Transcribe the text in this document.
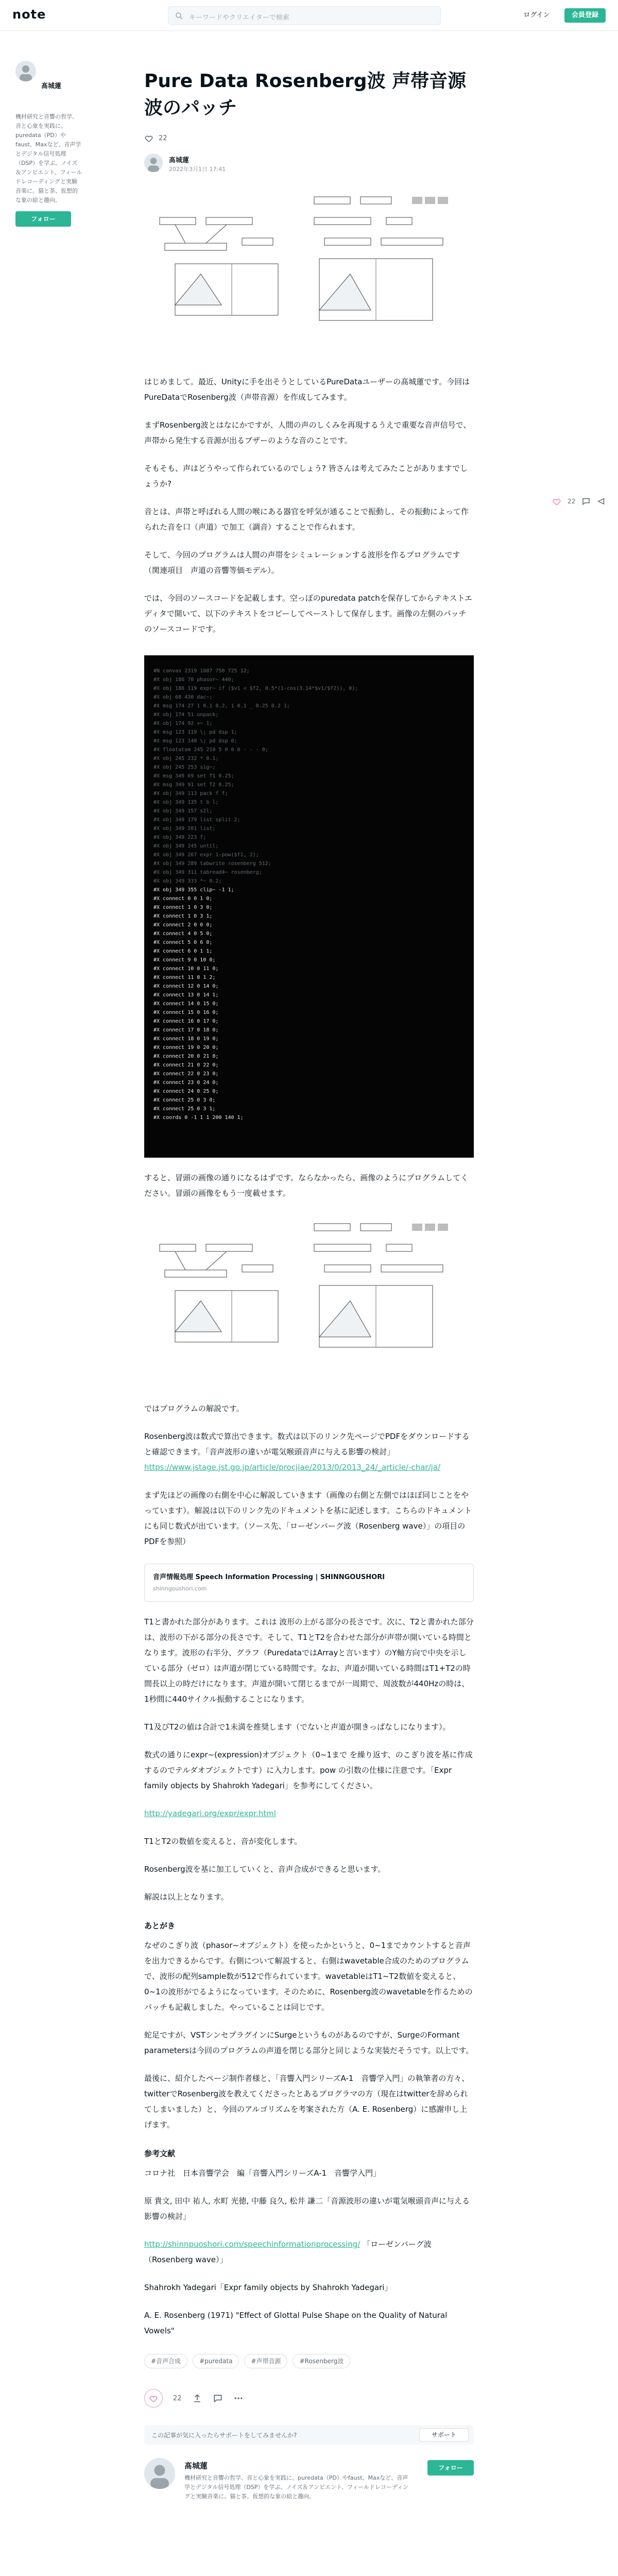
note	キーワードやクリエイターで検索	ログイン	会員登録
髙城蓮
機材研究と音響の哲学、音と心象を実践に。puredata（PD）やfaust、Maxなど、音声学とデジタル信号処理（DSP）を学ぶ。ノイズ＆アンビエント、フィールドレコーディングと実験音楽に。猫と茶、仮想的な象の絵と趣向。
フォロー
22
Pure Data Rosenberg波 声帯音源波のパッチ
22
髙城蓮
2022年3月1日 17:41
はじめまして。最近、Unityに手を出そうとしているPureDataユーザーの髙城蓮です。今回はPureDataでRosenberg波（声帯音源）を作成してみます。
まずRosenberg波とはなにかですが、人間の声のしくみを再現するうえで重要な音声信号で、声帯から発生する音源が出るブザーのような音のことです。
そもそも、声はどうやって作られているのでしょう? 皆さんは考えてみたことがありますでしょうか?
音とは、声帯と呼ばれる人間の喉にある器官を呼気が通ることで振動し、その振動によって作られた音を口（声道）で加工（調音）することで作られます。
そして、今回のプログラムは人間の声帯をシミュレーションする波形を作るプログラムです（関連項目　声道の音響等価モデル）。
では、今回のソースコードを記載します。空っぽのpuredata patchを保存してからテキストエディタで開いて、以下のテキストをコピーしてペーストして保存します。画像の左側のパッチのソースコードです。
#N canvas 2319 1087 750 725 12;
#X obj 186 70 phasor~ 440;
#X obj 186 119 expr~ if ($v1 < $f2, 0.5*(1-cos(3.14*$v1/$f2)), 0);
#X obj 68 430 dac~;
#X msg 174 27 1 0.1 0.2, 1 0.1 _ 0.25 0.2 1;
#X obj 174 51 unpack;
#X obj 174 92 +~ 1;
#X msg 123 119 \; pd dsp 1;
#X msg 123 140 \; pd dsp 0;
#X floatatom 245 210 5 0 0 0 - - - 0;
#X obj 245 232 * 0.1;
#X obj 245 253 sig~;
#X msg 349 69 set T1 0.25;
#X msg 349 91 set T2 0.25;
#X obj 349 113 pack f f;
#X obj 349 135 t b l;
#X obj 349 157 s2l;
#X obj 349 179 list split 2;
#X obj 349 201 list;
#X obj 349 223 f;
#X obj 349 245 until;
#X obj 349 267 expr 1-pow($f1, 2);
#X obj 349 289 tabwrite rosenberg 512;
#X obj 349 311 tabread4~ rosenberg;
#X obj 349 333 *~ 0.2;
#X obj 349 355 clip~ -1 1;
#X connect 0 0 1 0;
#X connect 1 0 3 0;
#X connect 1 0 3 1;
#X connect 2 0 0 0;
#X connect 4 0 5 0;
#X connect 5 0 6 0;
#X connect 6 0 1 1;
#X connect 9 0 10 0;
#X connect 10 0 11 0;
#X connect 11 0 1 2;
#X connect 12 0 14 0;
#X connect 13 0 14 1;
#X connect 14 0 15 0;
#X connect 15 0 16 0;
#X connect 16 0 17 0;
#X connect 17 0 18 0;
#X connect 18 0 19 0;
#X connect 19 0 20 0;
#X connect 20 0 21 0;
#X connect 21 0 22 0;
#X connect 22 0 23 0;
#X connect 23 0 24 0;
#X connect 24 0 25 0;
#X connect 25 0 3 0;
#X connect 25 0 3 1;
#X coords 0 -1 1 1 200 140 1;
すると、冒頭の画像の通りになるはずです。ならなかったら、画像のようにプログラムしてください。冒頭の画像をもう一度載せます。
ではプログラムの解説です。
Rosenberg波は数式で算出できます。数式は以下のリンク先ページでPDFをダウンロードすると確認できます。「音声波形の違いが電気喉頭音声に与える影響の検討」
https://www.jstage.jst.go.jp/article/procjiae/2013/0/2013_24/_article/-char/ja/
まず先ほどの画像の右側を中心に解説していきます（画像の右側と左側ではほぼ同じことをやっています）。解説は以下のリンク先のドキュメントを基に記述します。こちらのドキュメントにも同じ数式が出ています。（ソース先、「ローゼンバーグ波（Rosenberg wave）」の項目のPDFを参照）
音声情報処理 Speech Information Processing | SHINNGOUSHORI
shinngoushori.com
T1と書かれた部分があります。これは 波形の上がる部分の長さです。次に、T2と書かれた部分は、波形の下がる部分の長さです。そして、T1とT2を合わせた部分が声帯が開いている時間となります。波形の右半分、グラフ（PuredataではArrayと言います）のY軸方向で中央を示している部分（ゼロ）は声道が閉じている時間です。なお、声道が開いている時間はT1+T2の時間長以上の時だけになります。声道が開いて閉じるまでが一周期で、周波数が440Hzの時は、1秒間に440サイクル振動することになります。
T1及びT2の値は合計で1未満を推奨します（でないと声道が開きっぱなしになります）。
数式の通りにexpr~(expression)オブジェクト（0~1まで を繰り返す、のこぎり波を基に作成するのでテルダオブジェクトです）に入力します。pow の引数の仕様に注意です。「Expr family objects by Shahrokh Yadegari」を参考にしてください。
http://yadegari.org/expr/expr.html
T1とT2の数値を変えると、音が変化します。
Rosenberg波を基に加工していくと、音声合成ができると思います。
解説は以上となります。
あとがき
なぜのこぎり波（phasor~オブジェクト）を使ったかというと、0~1までカウントすると音声を出力できるからです。右側について解説すると、右側はwavetable合成のためのプログラムで、波形の配列sample数が512で作られています。wavetableはT1~T2数値を変えると、0~1の波形がでるようになっています。そのために、Rosenberg波のwavetableを作るためのパッチも記載しました。やっていることは同じです。
蛇足ですが、VSTシンセプラグインにSurgeというものがあるのですが、SurgeのFormant parametersは今回のプログラムの声道を閉じる部分と同じような実装だそうです。以上です。
最後に、紹介したページ制作者様と、「音響入門シリーズA-1　音響学入門」の執筆者の方々、twitterでRosenberg波を教えてくださったとあるプログラマの方（現在はtwitterを辞められてしまいました）と、今回のアルゴリズムを考案された方（A. E. Rosenberg）に感謝申し上げます。
参考文献
コロナ社　日本音響学会　編「音響入門シリーズA-1　音響学入門」
原 貴文, 田中 祐人, 水町 光徳, 中藤 良久, 松井 謙二「音源波形の違いが電気喉頭音声に与える影響の検討」
http://shinnpuoshori.com/speechinformationprocessing/ 「ローゼンバーグ波（Rosenberg wave）」
Shahrokh Yadegari「Expr family objects by Shahrokh Yadegari」
A. E. Rosenberg (1971) "Effect of Glottal Pulse Shape on the Quality of Natural Vowels"
#音声合成	#puredata	#声帯音源	#Rosenberg波
22
この記事が気に入ったらサポートをしてみませんか?	サポート
髙城蓮
機材研究と音響の哲学、音と心象を実践に。puredata（PD）やfaust、Maxなど、音声学とデジタル信号処理（DSP）を学ぶ。ノイズ＆アンビエント、フィールドレコーディングと実験音楽に。猫と茶、仮想的な象の絵と趣向。
フォロー
